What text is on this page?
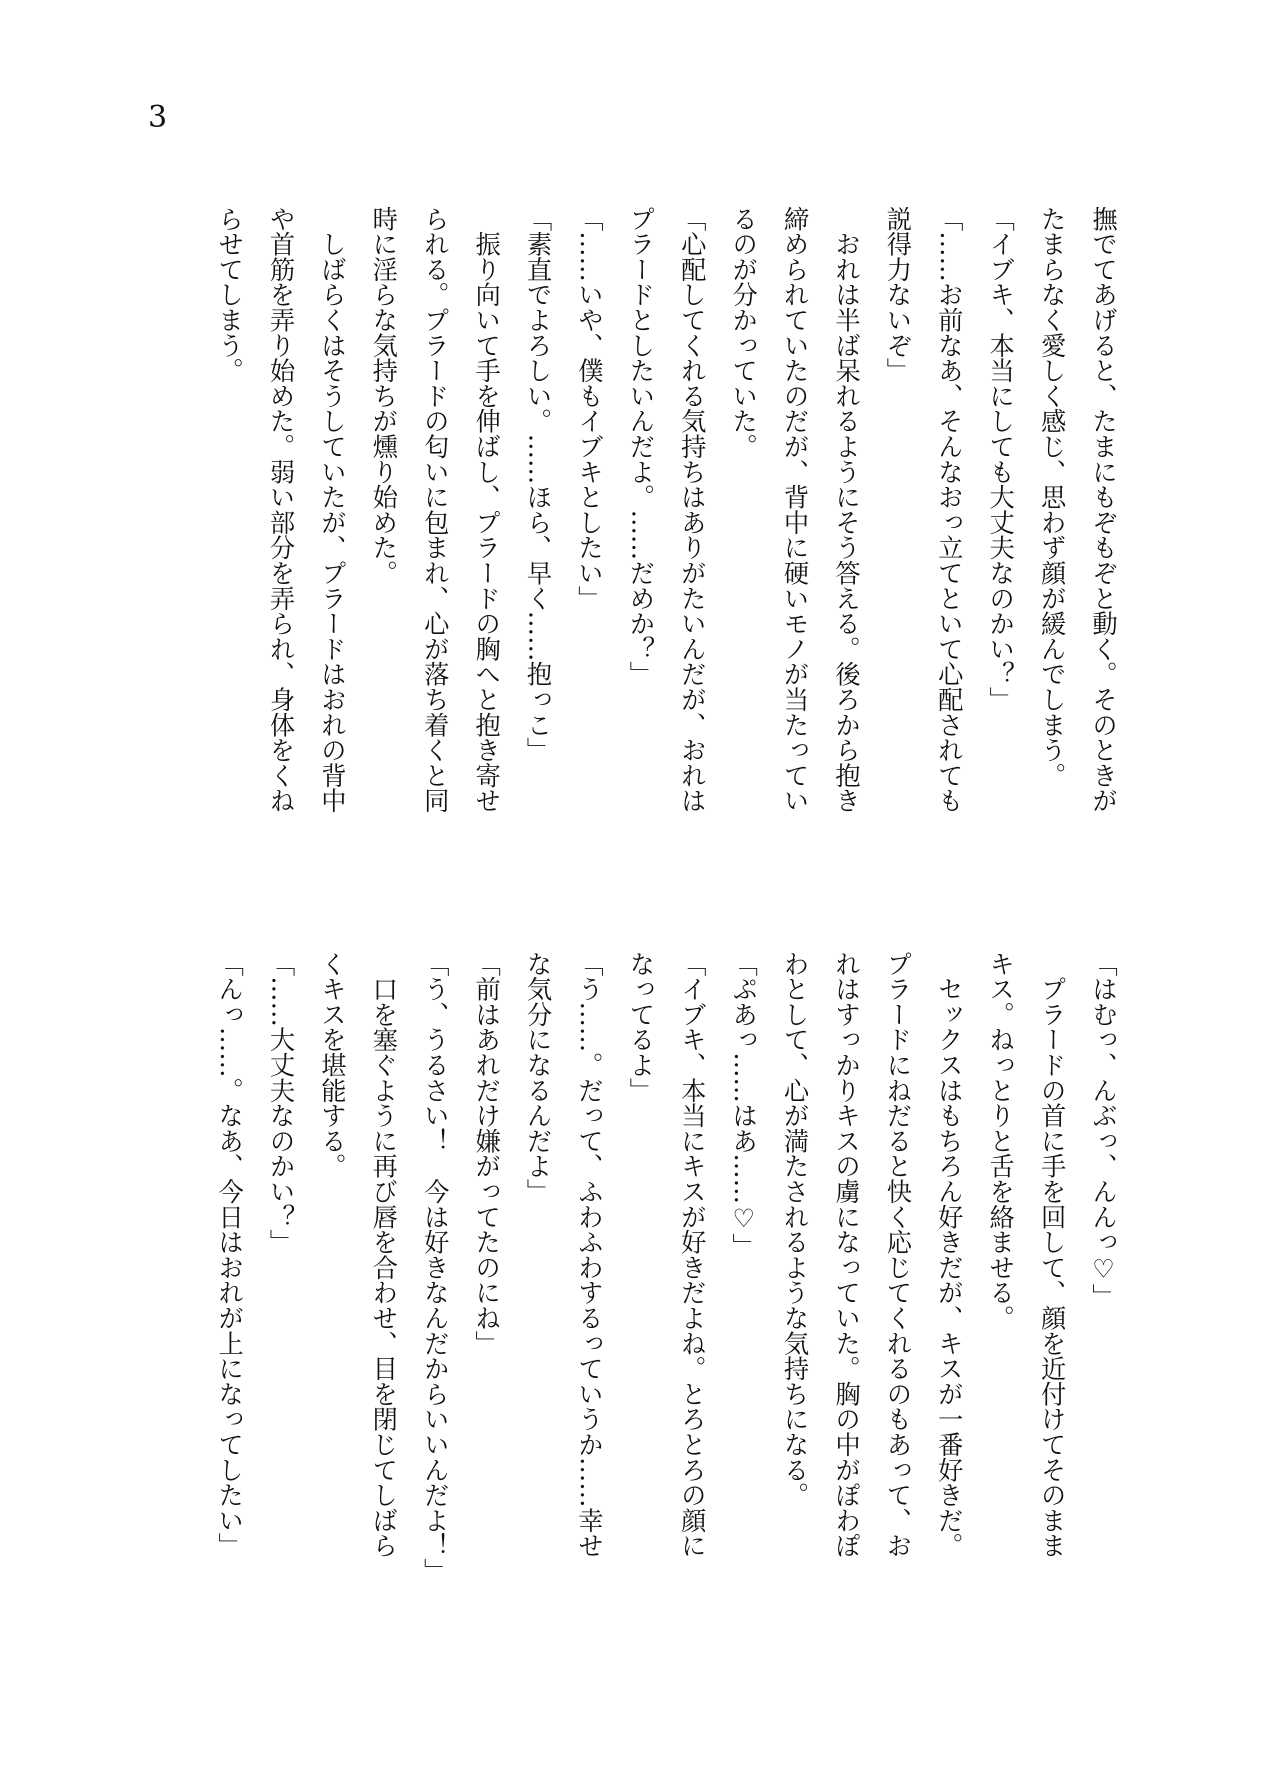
3
撫でてあげると、たまにもぞもぞと動く。そのときが
たまらなく愛しく感じ、思わず顔が緩んでしまう。
「イブキ、本当にしても大丈夫なのかい？」
「……お前なあ、そんなおっ立てといて心配されても
説得力ないぞ」
　おれは半ば呆れるようにそう答える。後ろから抱き
締められていたのだが、背中に硬いモノが当たってい
るのが分かっていた。
「心配してくれる気持ちはありがたいんだが、おれは
プラードとしたいんだよ。……だめか？」
「……いや、僕もイブキとしたい」
「素直でよろしい。……ほら、早く……抱っこ」
　振り向いて手を伸ばし、プラードの胸へと抱き寄せ
られる。プラードの匂いに包まれ、心が落ち着くと同
時に淫らな気持ちが燻り始めた。
　しばらくはそうしていたが、プラードはおれの背中
や首筋を弄り始めた。弱い部分を弄られ、身体をくね
らせてしまう。
「はむっ、んぶっ、んんっ♡」
　プラードの首に手を回して、顔を近付けてそのまま
キス。ねっとりと舌を絡ませる。
　セックスはもちろん好きだが、キスが一番好きだ。
プラードにねだると快く応じてくれるのもあって、お
れはすっかりキスの虜になっていた。胸の中がぽわぽ
わとして、心が満たされるような気持ちになる。
「ぷあっ……はあ……♡」
「イブキ、本当にキスが好きだよね。とろとろの顔に
なってるよ」
「う……。だって、ふわふわするっていうか……幸せ
な気分になるんだよ」
「前はあれだけ嫌がってたのにね」
「う、うるさい！　今は好きなんだからいいんだよ！」
　口を塞ぐように再び唇を合わせ、目を閉じてしばら
くキスを堪能する。
「……大丈夫なのかい？」
「んっ……。なあ、今日はおれが上になってしたい」
